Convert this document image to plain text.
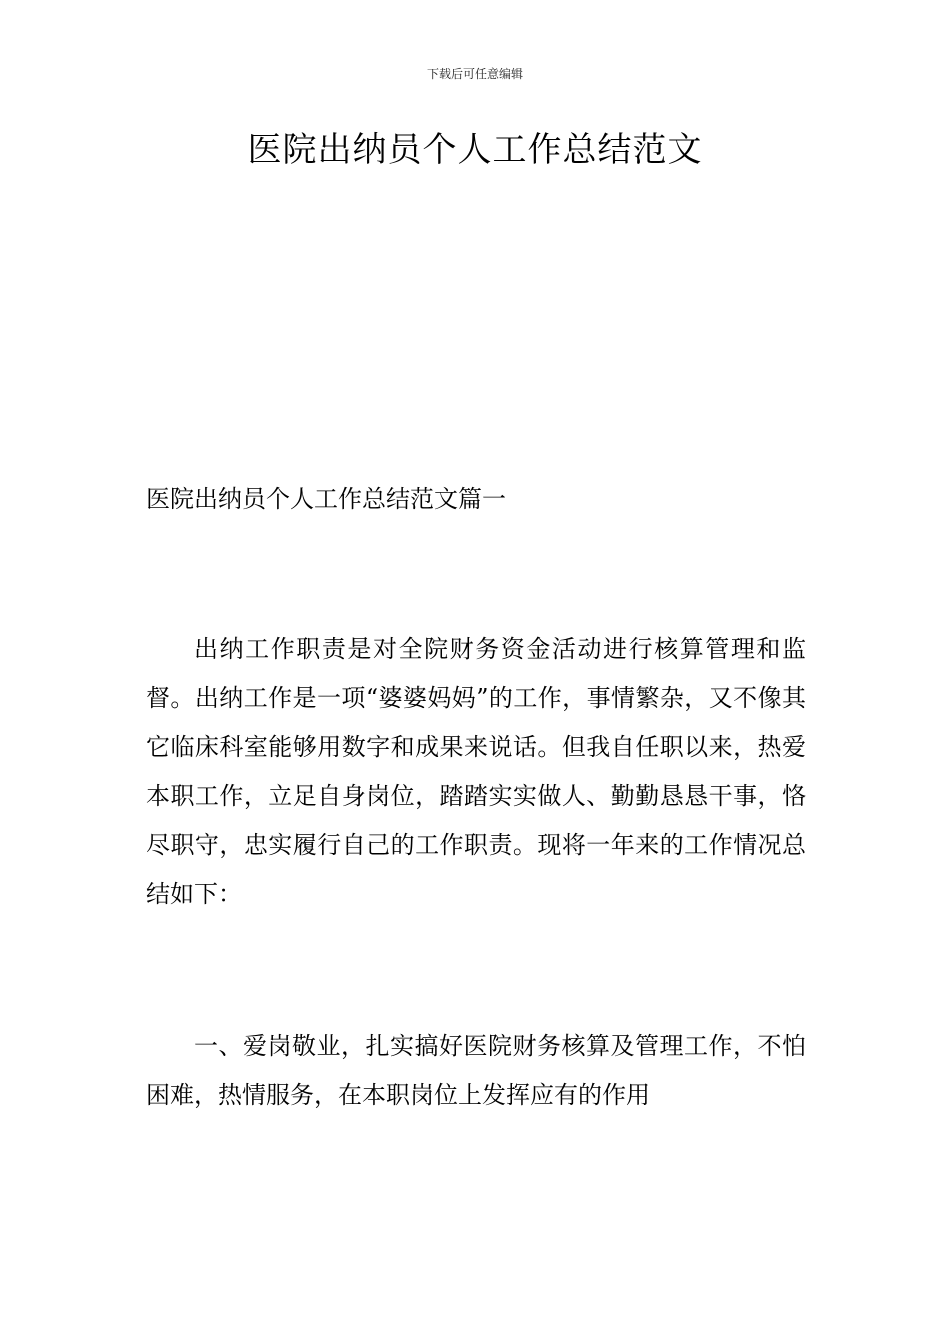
下载后可任意编辑
医院出纳员个人工作总结范文
医院出纳员个人工作总结范文篇一

出纳工作职责是对全院财务资金活动进行核算管理和监督。出纳工作是一项“婆婆妈妈”的工作，事情繁杂，又不像其它临床科室能够用数字和成果来说话。但我自任职以来，热爱本职工作，立足自身岗位，踏踏实实做人、勤勤恳恳干事，恪尽职守，忠实履行自己的工作职责。现将一年来的工作情况总结如下：

一、爱岗敬业，扎实搞好医院财务核算及管理工作，不怕困难，热情服务，在本职岗位上发挥应有的作用
